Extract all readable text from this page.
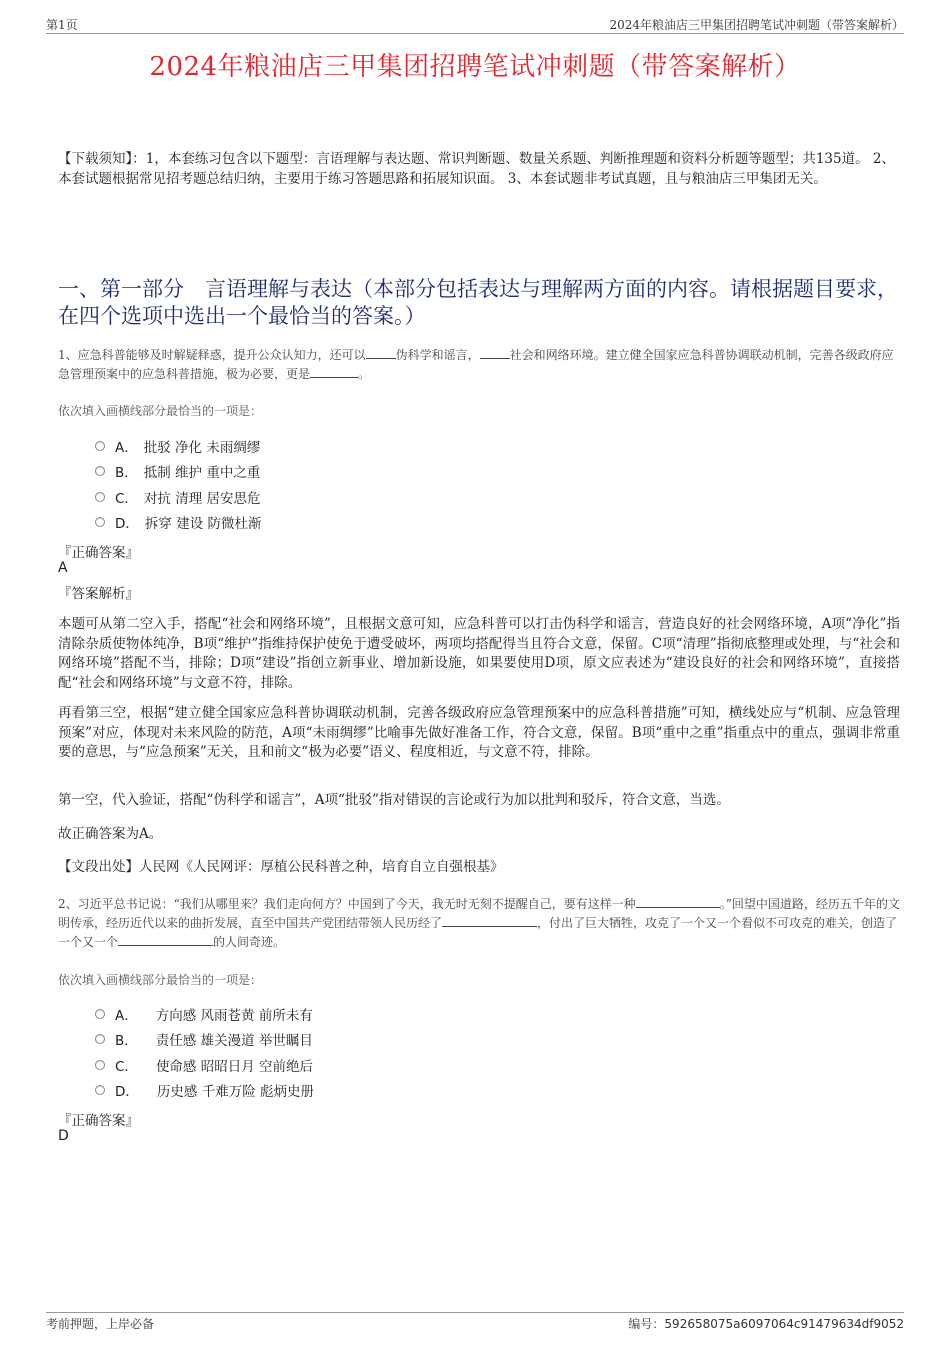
第1页	2024年粮油店三甲集团招聘笔试冲刺题（带答案解析）
2024年粮油店三甲集团招聘笔试冲刺题（带答案解析）
【下载须知】：1，本套练习包含以下题型：言语理解与表达题、常识判断题、数量关系题、判断推理题和资料分析题等题型；共135道。 2、本套试题根据常见招考题总结归纳，主要用于练习答题思路和拓展知识面。 3、本套试题非考试真题，且与粮油店三甲集团无关。
一、第一部分　言语理解与表达（本部分包括表达与理解两方面的内容。请根据题目要求，在四个选项中选出一个最恰当的答案。）
1、应急科普能够及时解疑释惑，提升公众认知力，还可以	伪科学和谣言，	社会和网络环境。建立健全国家应急科普协调联动机制，完善各级政府应急管理预案中的应急科普措施，极为必要，更是	。
依次填入画横线部分最恰当的一项是：
A． 批驳 净化 未雨绸缪
B． 抵制 维护 重中之重
C． 对抗 清理 居安思危
D． 拆穿 建设 防微杜渐
『正确答案』
A
『答案解析』
本题可从第二空入手，搭配“社会和网络环境”，且根据文意可知，应急科普可以打击伪科学和谣言，营造良好的社会网络环境，A项“净化”指清除杂质使物体纯净，B项“维护”指维持保护使免于遭受破坏，两项均搭配得当且符合文意，保留。C项“清理”指彻底整理或处理，与“社会和网络环境”搭配不当，排除；D项“建设”指创立新事业、增加新设施，如果要使用D项，原文应表述为“建设良好的社会和网络环境”，直接搭配“社会和网络环境”与文意不符，排除。
再看第三空，根据“建立健全国家应急科普协调联动机制，完善各级政府应急管理预案中的应急科普措施”可知，横线处应与“机制、应急管理预案”对应，体现对未来风险的防范，A项“未雨绸缪”比喻事先做好准备工作，符合文意，保留。B项“重中之重”指重点中的重点，强调非常重要的意思，与“应急预案”无关，且和前文“极为必要”语义、程度相近，与文意不符，排除。
第一空，代入验证，搭配“伪科学和谣言”，A项“批驳”指对错误的言论或行为加以批判和驳斥，符合文意，当选。
故正确答案为A。
【文段出处】人民网《人民网评：厚植公民科普之种，培育自立自强根基》
2、习近平总书记说：“我们从哪里来？我们走向何方？中国到了今天，我无时无刻不提醒自己，要有这样一种	。”回望中国道路，经历五千年的文明传承，经历近代以来的曲折发展，直至中国共产党团结带领人民历经了	，付出了巨大牺牲，攻克了一个又一个看似不可攻克的难关，创造了一个又一个	的人间奇迹。
依次填入画横线部分最恰当的一项是：
A． 方向感 风雨苍黄 前所未有
B． 责任感 雄关漫道 举世瞩目
C． 使命感 昭昭日月 空前绝后
D． 历史感 千难万险 彪炳史册
『正确答案』
D
考前押题，上岸必备	编号：592658075a6097064c91479634df9052
